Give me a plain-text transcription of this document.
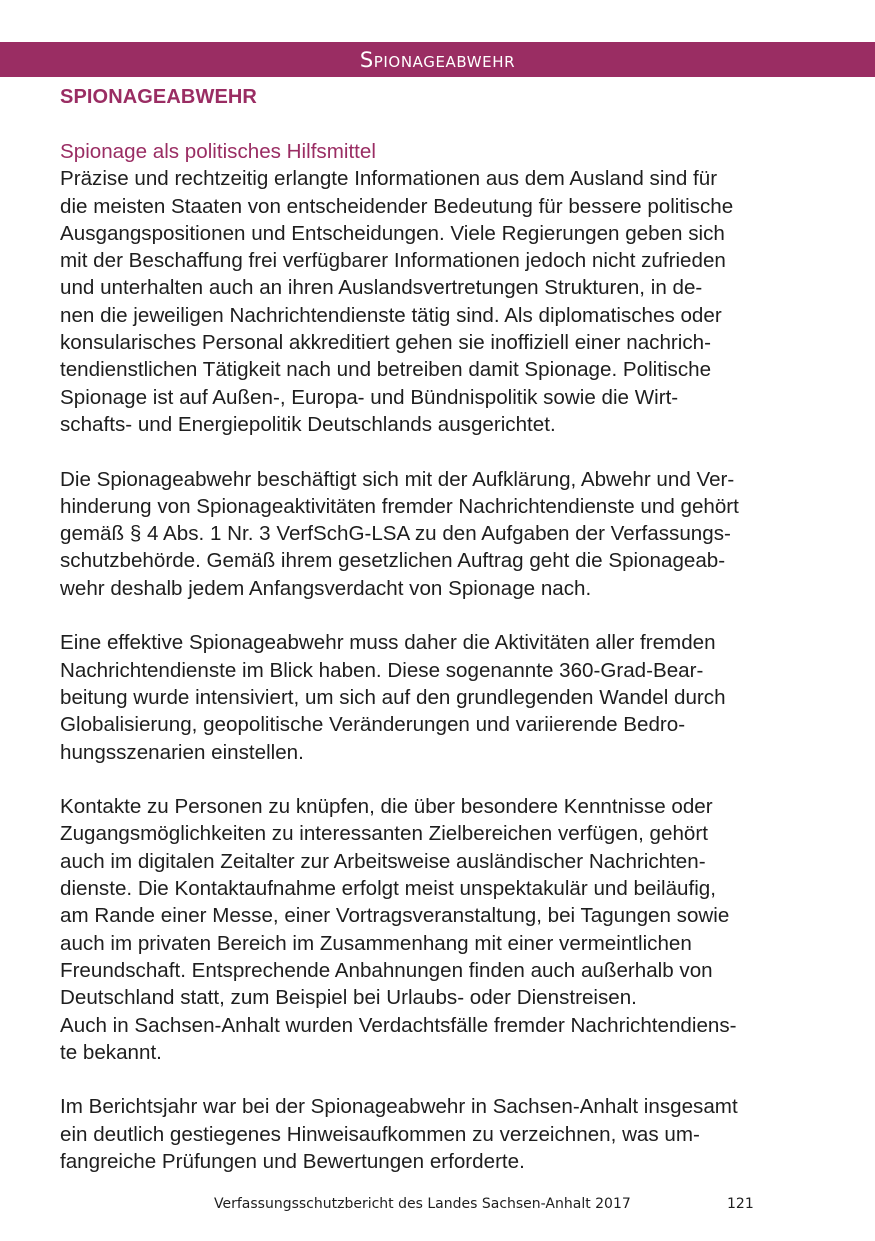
Spionageabwehr
SPIONAGEABWEHR
Spionage als politisches Hilfsmittel

Präzise und rechtzeitig erlangte Informationen aus dem Ausland sind für
die meisten Staaten von entscheidender Bedeutung für bessere politische
Ausgangspositionen und Entscheidungen. Viele Regierungen geben sich
mit der Beschaffung frei verfügbarer Informationen jedoch nicht zufrieden
und unterhalten auch an ihren Auslandsvertretungen Strukturen, in de-
nen die jeweiligen Nachrichtendienste tätig sind. Als diplomatisches oder
konsularisches Personal akkreditiert gehen sie inoffiziell einer nachrich-
tendienstlichen Tätigkeit nach und betreiben damit Spionage. Politische
Spionage ist auf Außen-, Europa- und Bündnispolitik sowie die Wirt-
schafts- und Energiepolitik Deutschlands ausgerichtet.

Die Spionageabwehr beschäftigt sich mit der Aufklärung, Abwehr und Ver-
hinderung von Spionageaktivitäten fremder Nachrichtendienste und gehört
gemäß § 4 Abs. 1 Nr. 3 VerfSchG-LSA zu den Aufgaben der Verfassungs-
schutzbehörde. Gemäß ihrem gesetzlichen Auftrag geht die Spionageab-
wehr deshalb jedem Anfangsverdacht von Spionage nach.

Eine effektive Spionageabwehr muss daher die Aktivitäten aller fremden
Nachrichtendienste im Blick haben. Diese sogenannte 360-Grad-Bear-
beitung wurde intensiviert, um sich auf den grundlegenden Wandel durch
Globalisierung, geopolitische Veränderungen und variierende Bedro-
hungsszenarien einstellen.

Kontakte zu Personen zu knüpfen, die über besondere Kenntnisse oder
Zugangsmöglichkeiten zu interessanten Zielbereichen verfügen, gehört
auch im digitalen Zeitalter zur Arbeitsweise ausländischer Nachrichten-
dienste. Die Kontaktaufnahme erfolgt meist unspektakulär und beiläufig,
am Rande einer Messe, einer Vortragsveranstaltung, bei Tagungen sowie
auch im privaten Bereich im Zusammenhang mit einer vermeintlichen
Freundschaft. Entsprechende Anbahnungen finden auch außerhalb von
Deutschland statt, zum Beispiel bei Urlaubs- oder Dienstreisen.
Auch in Sachsen-Anhalt wurden Verdachtsfälle fremder Nachrichtendiens-
te bekannt.

Im Berichtsjahr war bei der Spionageabwehr in Sachsen-Anhalt insgesamt
ein deutlich gestiegenes Hinweisaufkommen zu verzeichnen, was um-
fangreiche Prüfungen und Bewertungen erforderte.

Verfassungsschutzbericht des Landes Sachsen-Anhalt 2017	121
